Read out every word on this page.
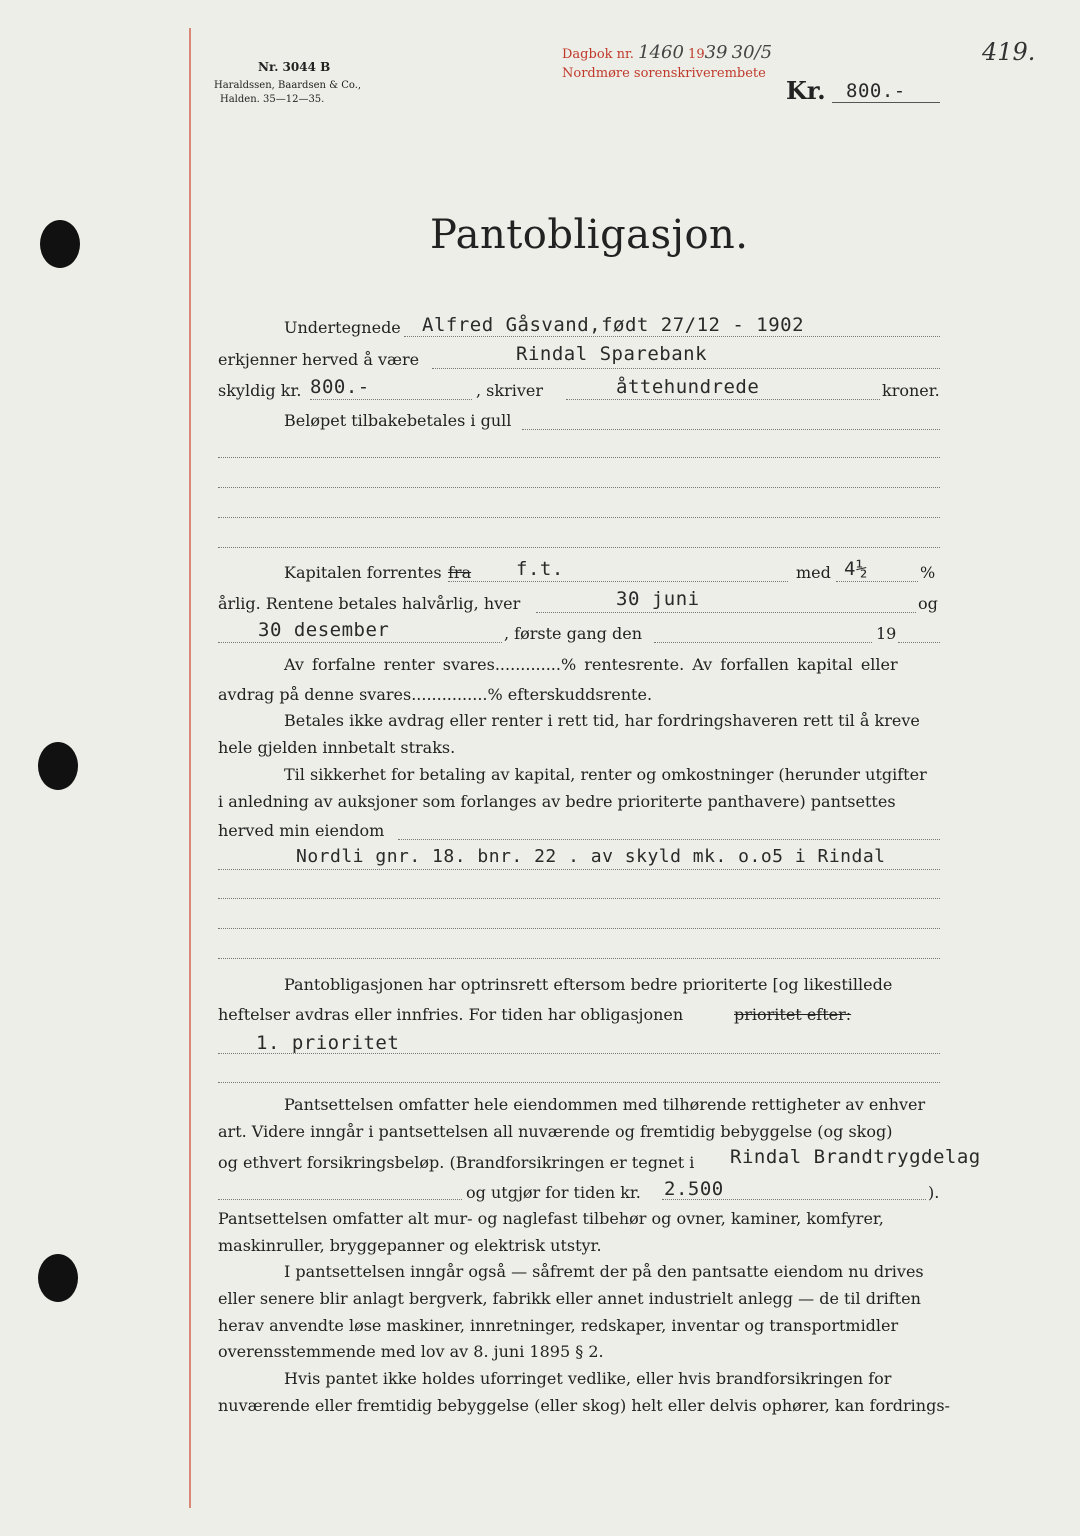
Nr. 3044 B
Haraldssen, Baardsen & Co.,
Halden. 35—12—35.
Dagbok nr. 1460 1939 30/5
Nordmøre sorenskriverembete
419.
Kr. 800.-
Pantobligasjon.
Undertegnede Alfred Gåsvand,født 27/12 - 1902
erkjenner herved å være	Rindal Sparebank
skyldig kr. 800.-	, skriver	åttehundrede	kroner.
Beløpet tilbakebetales i gull
Kapitalen forrentes fra f.t.	med 4½	%
årlig. Rentene betales halvårlig, hver	30 juni	og
30 desember	, første gang den	19
Av forfalne renter svares.............% rentesrente. Av forfallen kapital eller
avdrag på denne svares...............% efterskuddsrente.
Betales ikke avdrag eller renter i rett tid, har fordringshaveren rett til å kreve
hele gjelden innbetalt straks.
Til sikkerhet for betaling av kapital, renter og omkostninger (herunder utgifter
i anledning av auksjoner som forlanges av bedre prioriterte panthavere) pantsettes
herved min eiendom
Nordli gnr. 18. bnr. 22 . av skyld mk. o.o5 i Rindal
Pantobligasjonen har optrinsrett eftersom bedre prioriterte [og likestillede
heftelser avdras eller innfries. For tiden har obligasjonen	prioritet efter:
1. prioritet
Pantsettelsen omfatter hele eiendommen med tilhørende rettigheter av enhver
art. Videre inngår i pantsettelsen all nuværende og fremtidig bebyggelse (og skog)
og ethvert forsikringsbeløp. (Brandforsikringen er tegnet i Rindal Brandtrygdelag
og utgjør for tiden kr. 2.500	).
Pantsettelsen omfatter alt mur- og naglefast tilbehør og ovner, kaminer, komfyrer,
maskinruller, bryggepanner og elektrisk utstyr.
I pantsettelsen inngår også — såfremt der på den pantsatte eiendom nu drives
eller senere blir anlagt bergverk, fabrikk eller annet industrielt anlegg — de til driften
herav anvendte løse maskiner, innretninger, redskaper, inventar og transportmidler
overensstemmende med lov av 8. juni 1895 § 2.
Hvis pantet ikke holdes uforringet vedlike, eller hvis brandforsikringen for
nuværende eller fremtidig bebyggelse (eller skog) helt eller delvis ophører, kan fordrings-
